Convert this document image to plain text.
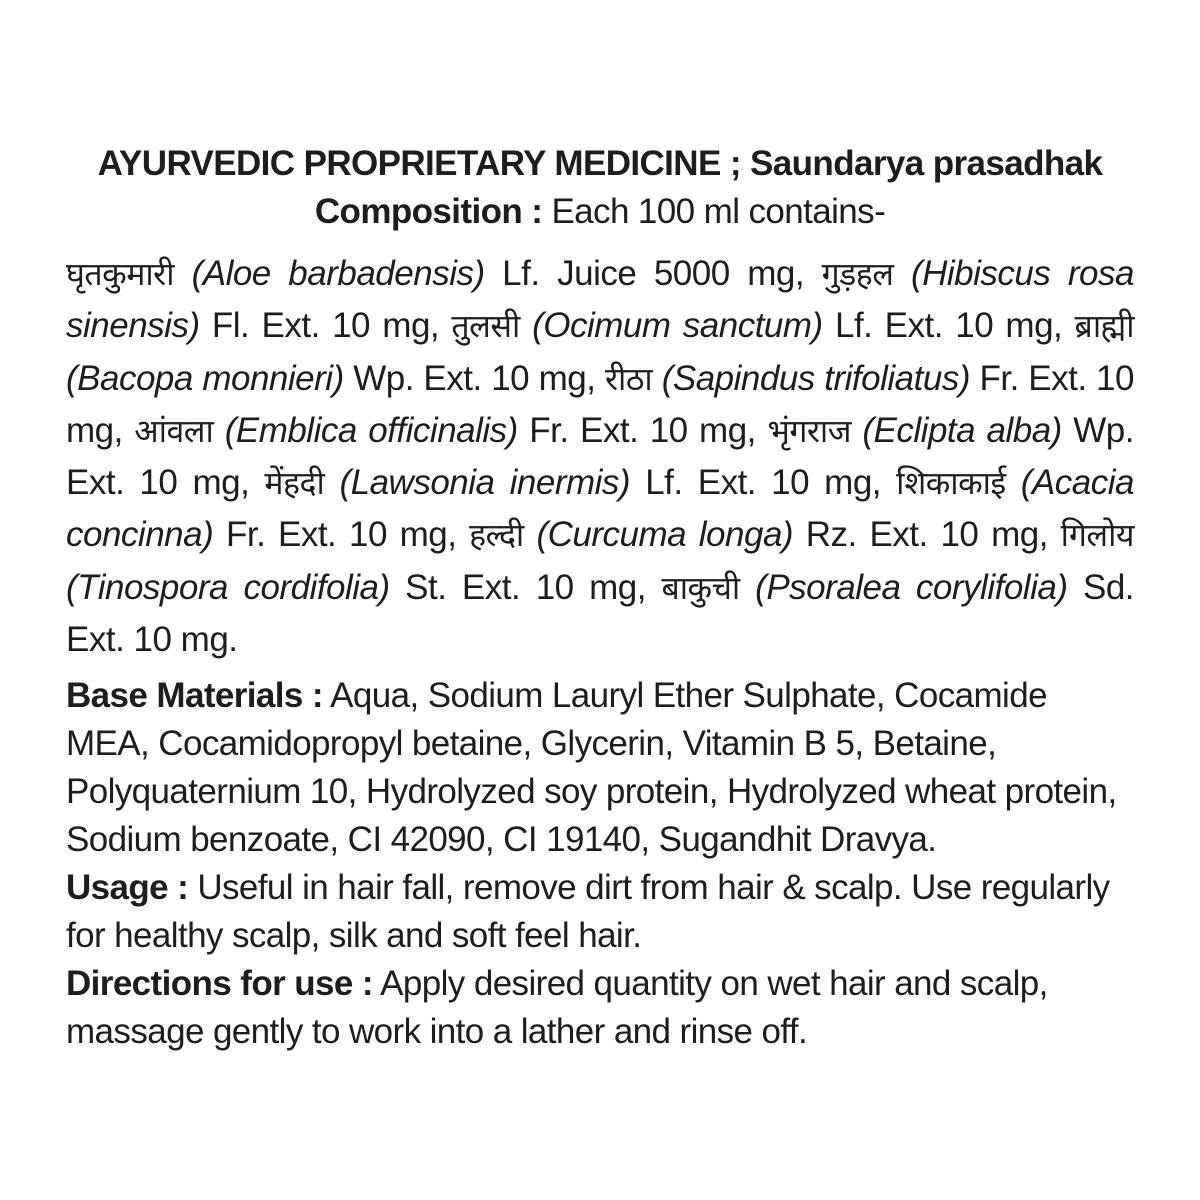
AYURVEDIC PROPRIETARY MEDICINE ; Saundarya prasadhak
Composition : Each 100 ml contains-
घृतकुमारी (Aloe barbadensis) Lf. Juice 5000 mg, गुड़हल (Hibiscus rosa sinensis) Fl. Ext. 10 mg, तुलसी (Ocimum sanctum) Lf. Ext. 10 mg, ब्राह्मी (Bacopa monnieri) Wp. Ext. 10 mg, रीठा (Sapindus trifoliatus) Fr. Ext. 10 mg, आंवला (Emblica officinalis) Fr. Ext. 10 mg, भृंगराज (Eclipta alba) Wp. Ext. 10 mg, मेंहदी (Lawsonia inermis) Lf. Ext. 10 mg, शिकाकाई (Acacia concinna) Fr. Ext. 10 mg, हल्दी (Curcuma longa) Rz. Ext. 10 mg, गिलोय (Tinospora cordifolia) St. Ext. 10 mg, बाकुची (Psoralea corylifolia) Sd. Ext. 10 mg.
Base Materials : Aqua, Sodium Lauryl Ether Sulphate, Cocamide MEA, Cocamidopropyl betaine, Glycerin, Vitamin B 5, Betaine, Polyquaternium 10, Hydrolyzed soy protein, Hydrolyzed wheat protein, Sodium benzoate, CI 42090, CI 19140, Sugandhit Dravya.
Usage : Useful in hair fall, remove dirt from hair & scalp. Use regularly for healthy scalp, silk and soft feel hair.
Directions for use : Apply desired quantity on wet hair and scalp, massage gently to work into a lather and rinse off.
